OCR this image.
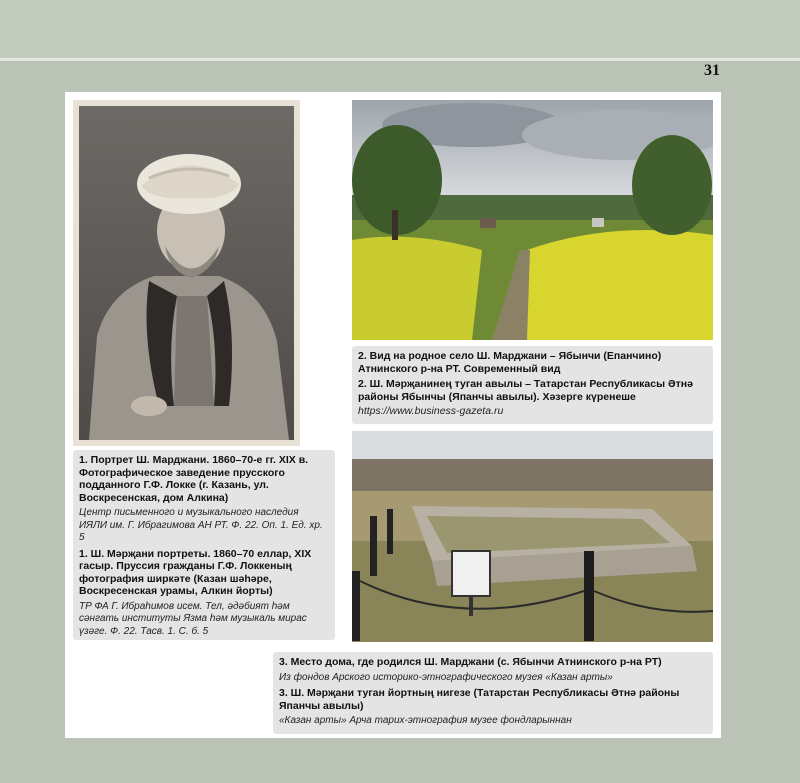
31
1. Портрет Ш. Марджани. 1860–70-е гг. XIX в. Фотографическое заведение прусского подданного Г.Ф. Локке (г. Казань, ул. Воскресенская, дом Алкина)
Центр письменного и музыкального наследия ИЯЛИ им. Г. Ибрагимова АН РТ. Ф. 22. Оп. 1. Ед. хр. 5
1. Ш. Мәрҗани портреты. 1860–70 еллар, XIX гасыр. Пруссия гражданы Г.Ф. Локкеның фотография ширкәте (Казан шәһәре, Воскресенская урамы, Алкин йорты)
ТР ФА Г. Ибраһимов исем. Тел, әдәбият һәм сәнгать институты Язма һәм музыкаль мирас үзәге. Ф. 22. Тасв. 1. С. б. 5
2. Вид на родное село Ш. Марджани – Ябынчи (Епанчино) Атнинского р-на РТ. Современный вид
2. Ш. Мәрҗанинең туган авылы – Татарстан Республикасы Әтнә районы Ябынчы (Япанчы авылы). Хәзерге күренеше
https://www.business-gazeta.ru
3. Место дома, где родился Ш. Марджани (с. Ябынчи Атнинского р-на РТ)
Из фондов Арского историко-этнографического музея «Казан арты»
3. Ш. Мәрҗани туган йортның нигезе (Татарстан Республикасы Әтнә районы Япанчы авылы)
«Казан арты» Арча тарих-этнография музее фондларыннан
